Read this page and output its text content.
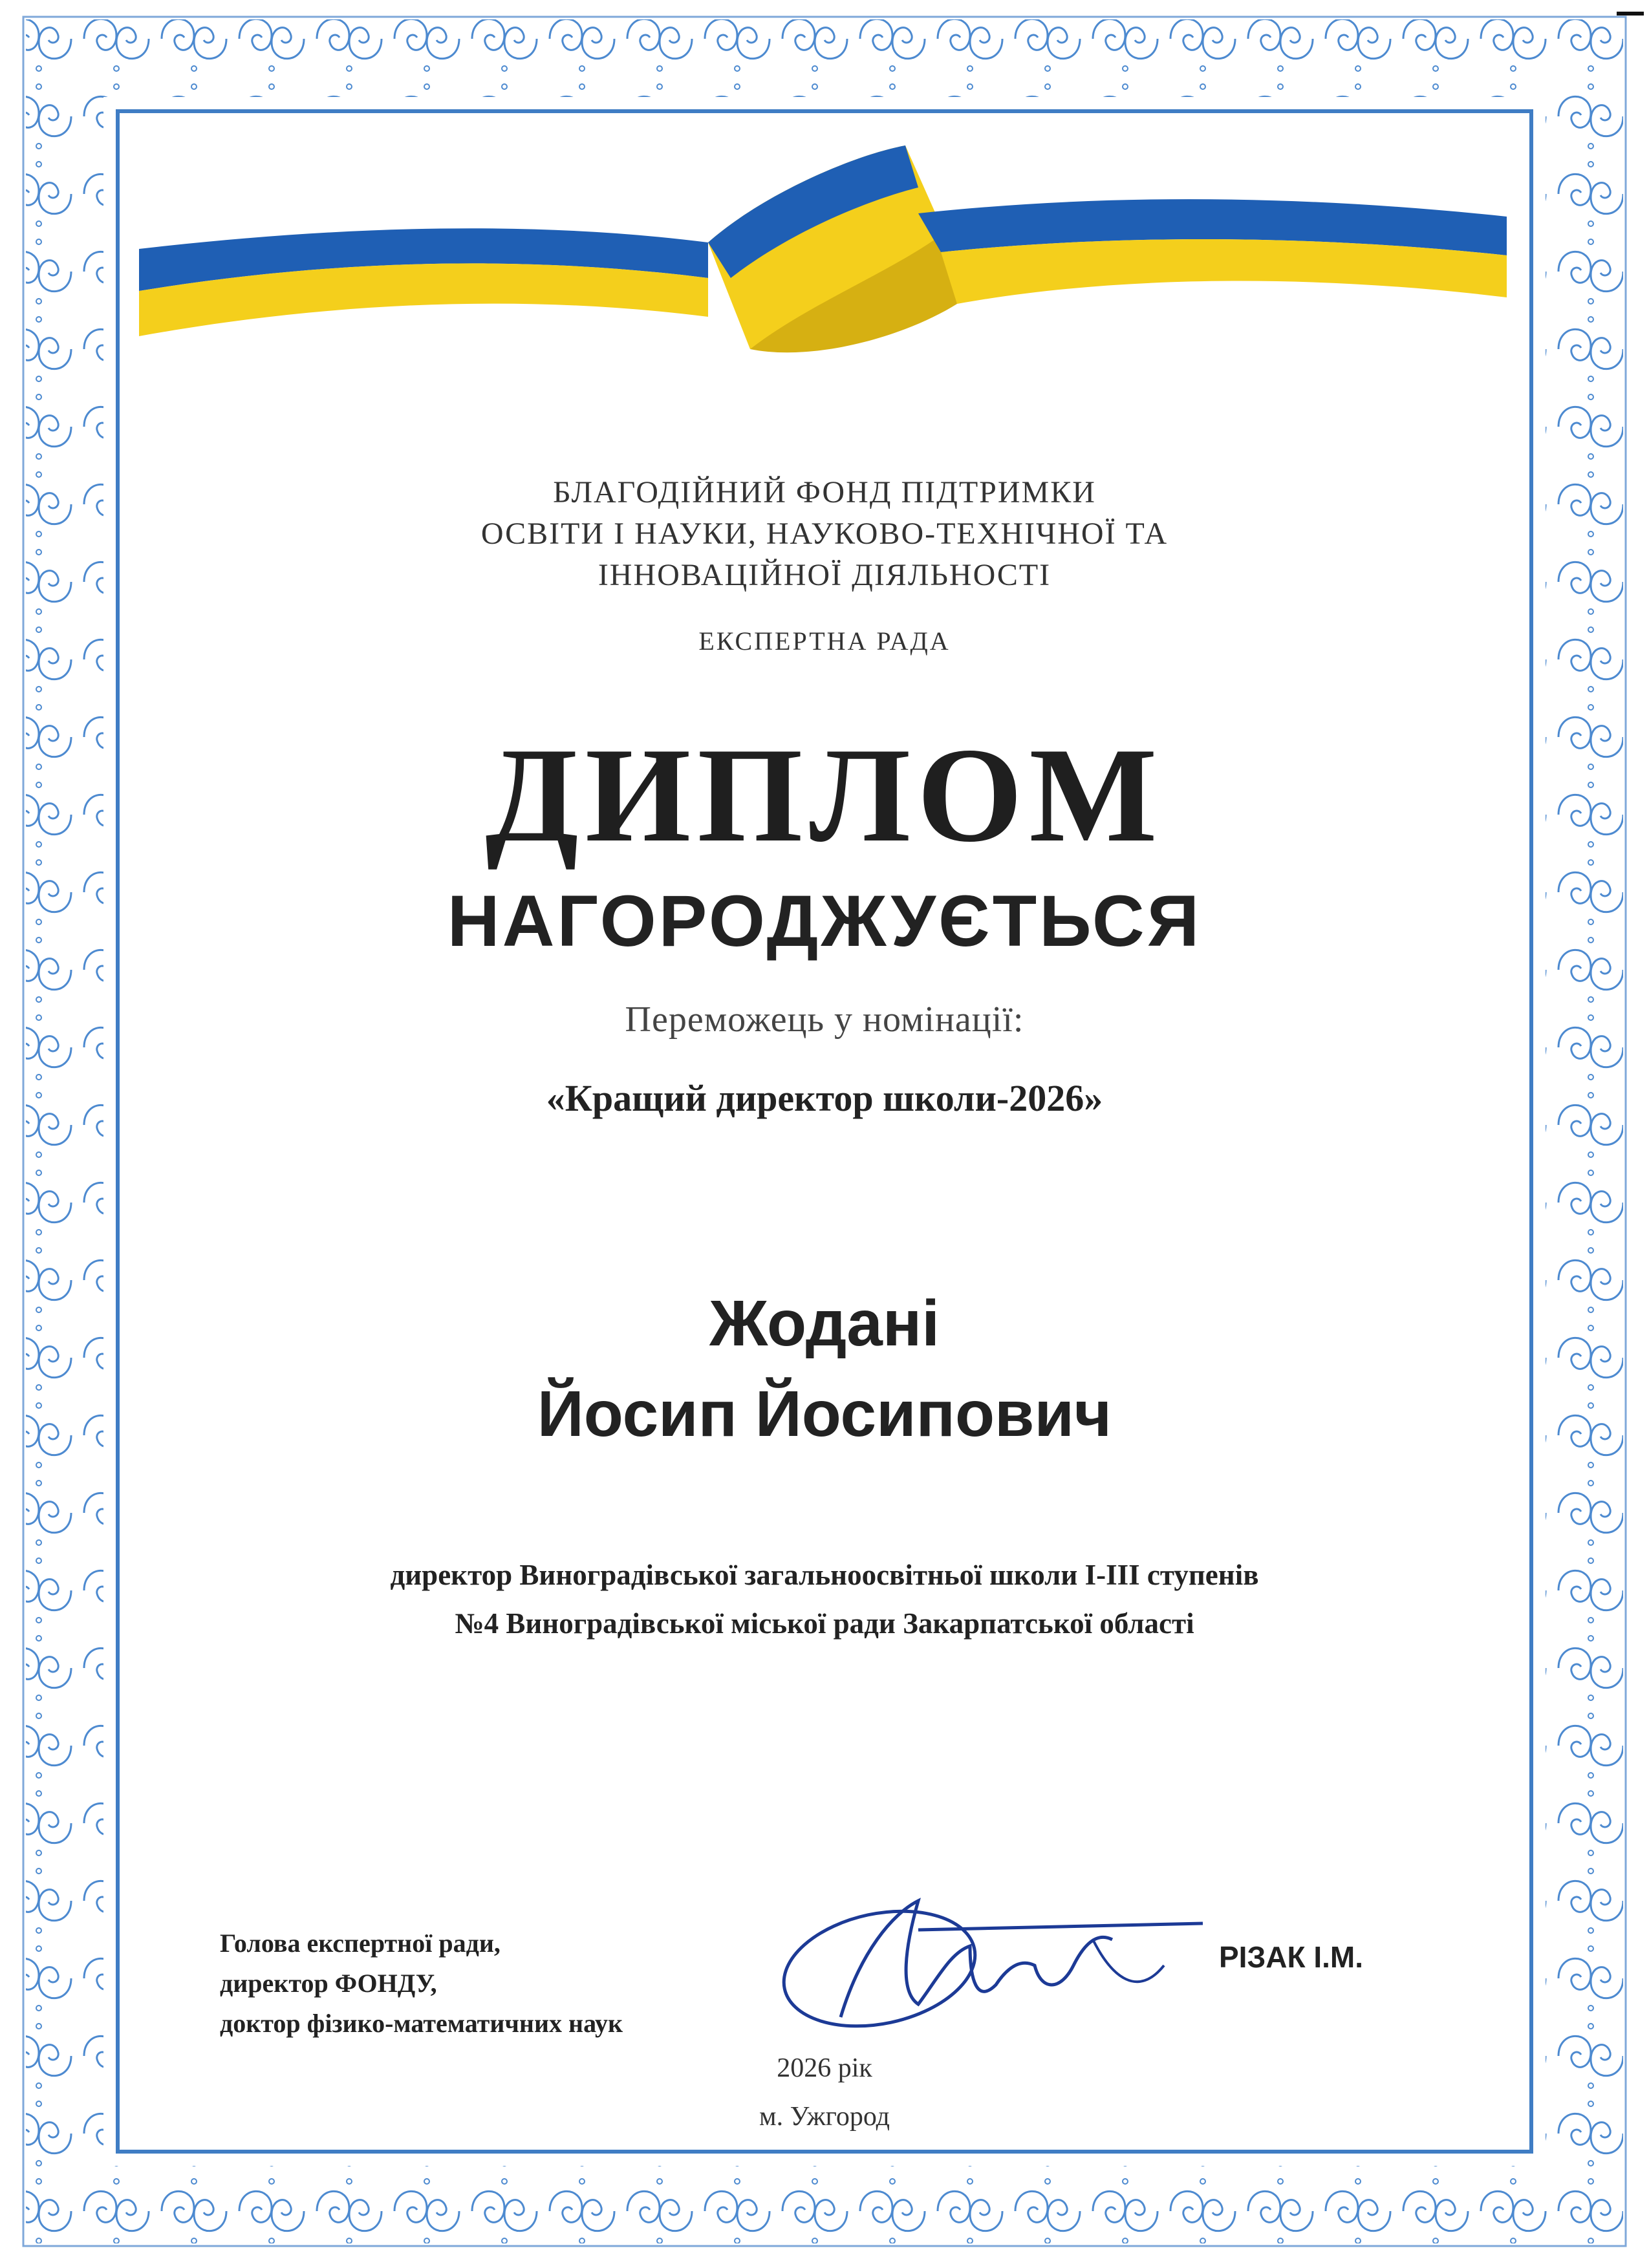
БЛАГОДІЙНИЙ ФОНД ПІДТРИМКИ
ОСВІТИ І НАУКИ, НАУКОВО-ТЕХНІЧНОЇ ТА
ІННОВАЦІЙНОЇ ДІЯЛЬНОСТІ
ЕКСПЕРТНА РАДА
ДИПЛОМ
НАГОРОДЖУЄТЬСЯ
Переможець у номінації:
«Кращий директор школи-2026»
Жодані
Йосип Йосипович
директор Виноградівської загальноосвітньої школи I-III ступенів
№4 Виноградівської міської ради Закарпатської області
Голова експертної ради,
директор ФОНДУ,
доктор фізико-математичних наук
РІЗАК І.М.
2026 рік
м. Ужгород
